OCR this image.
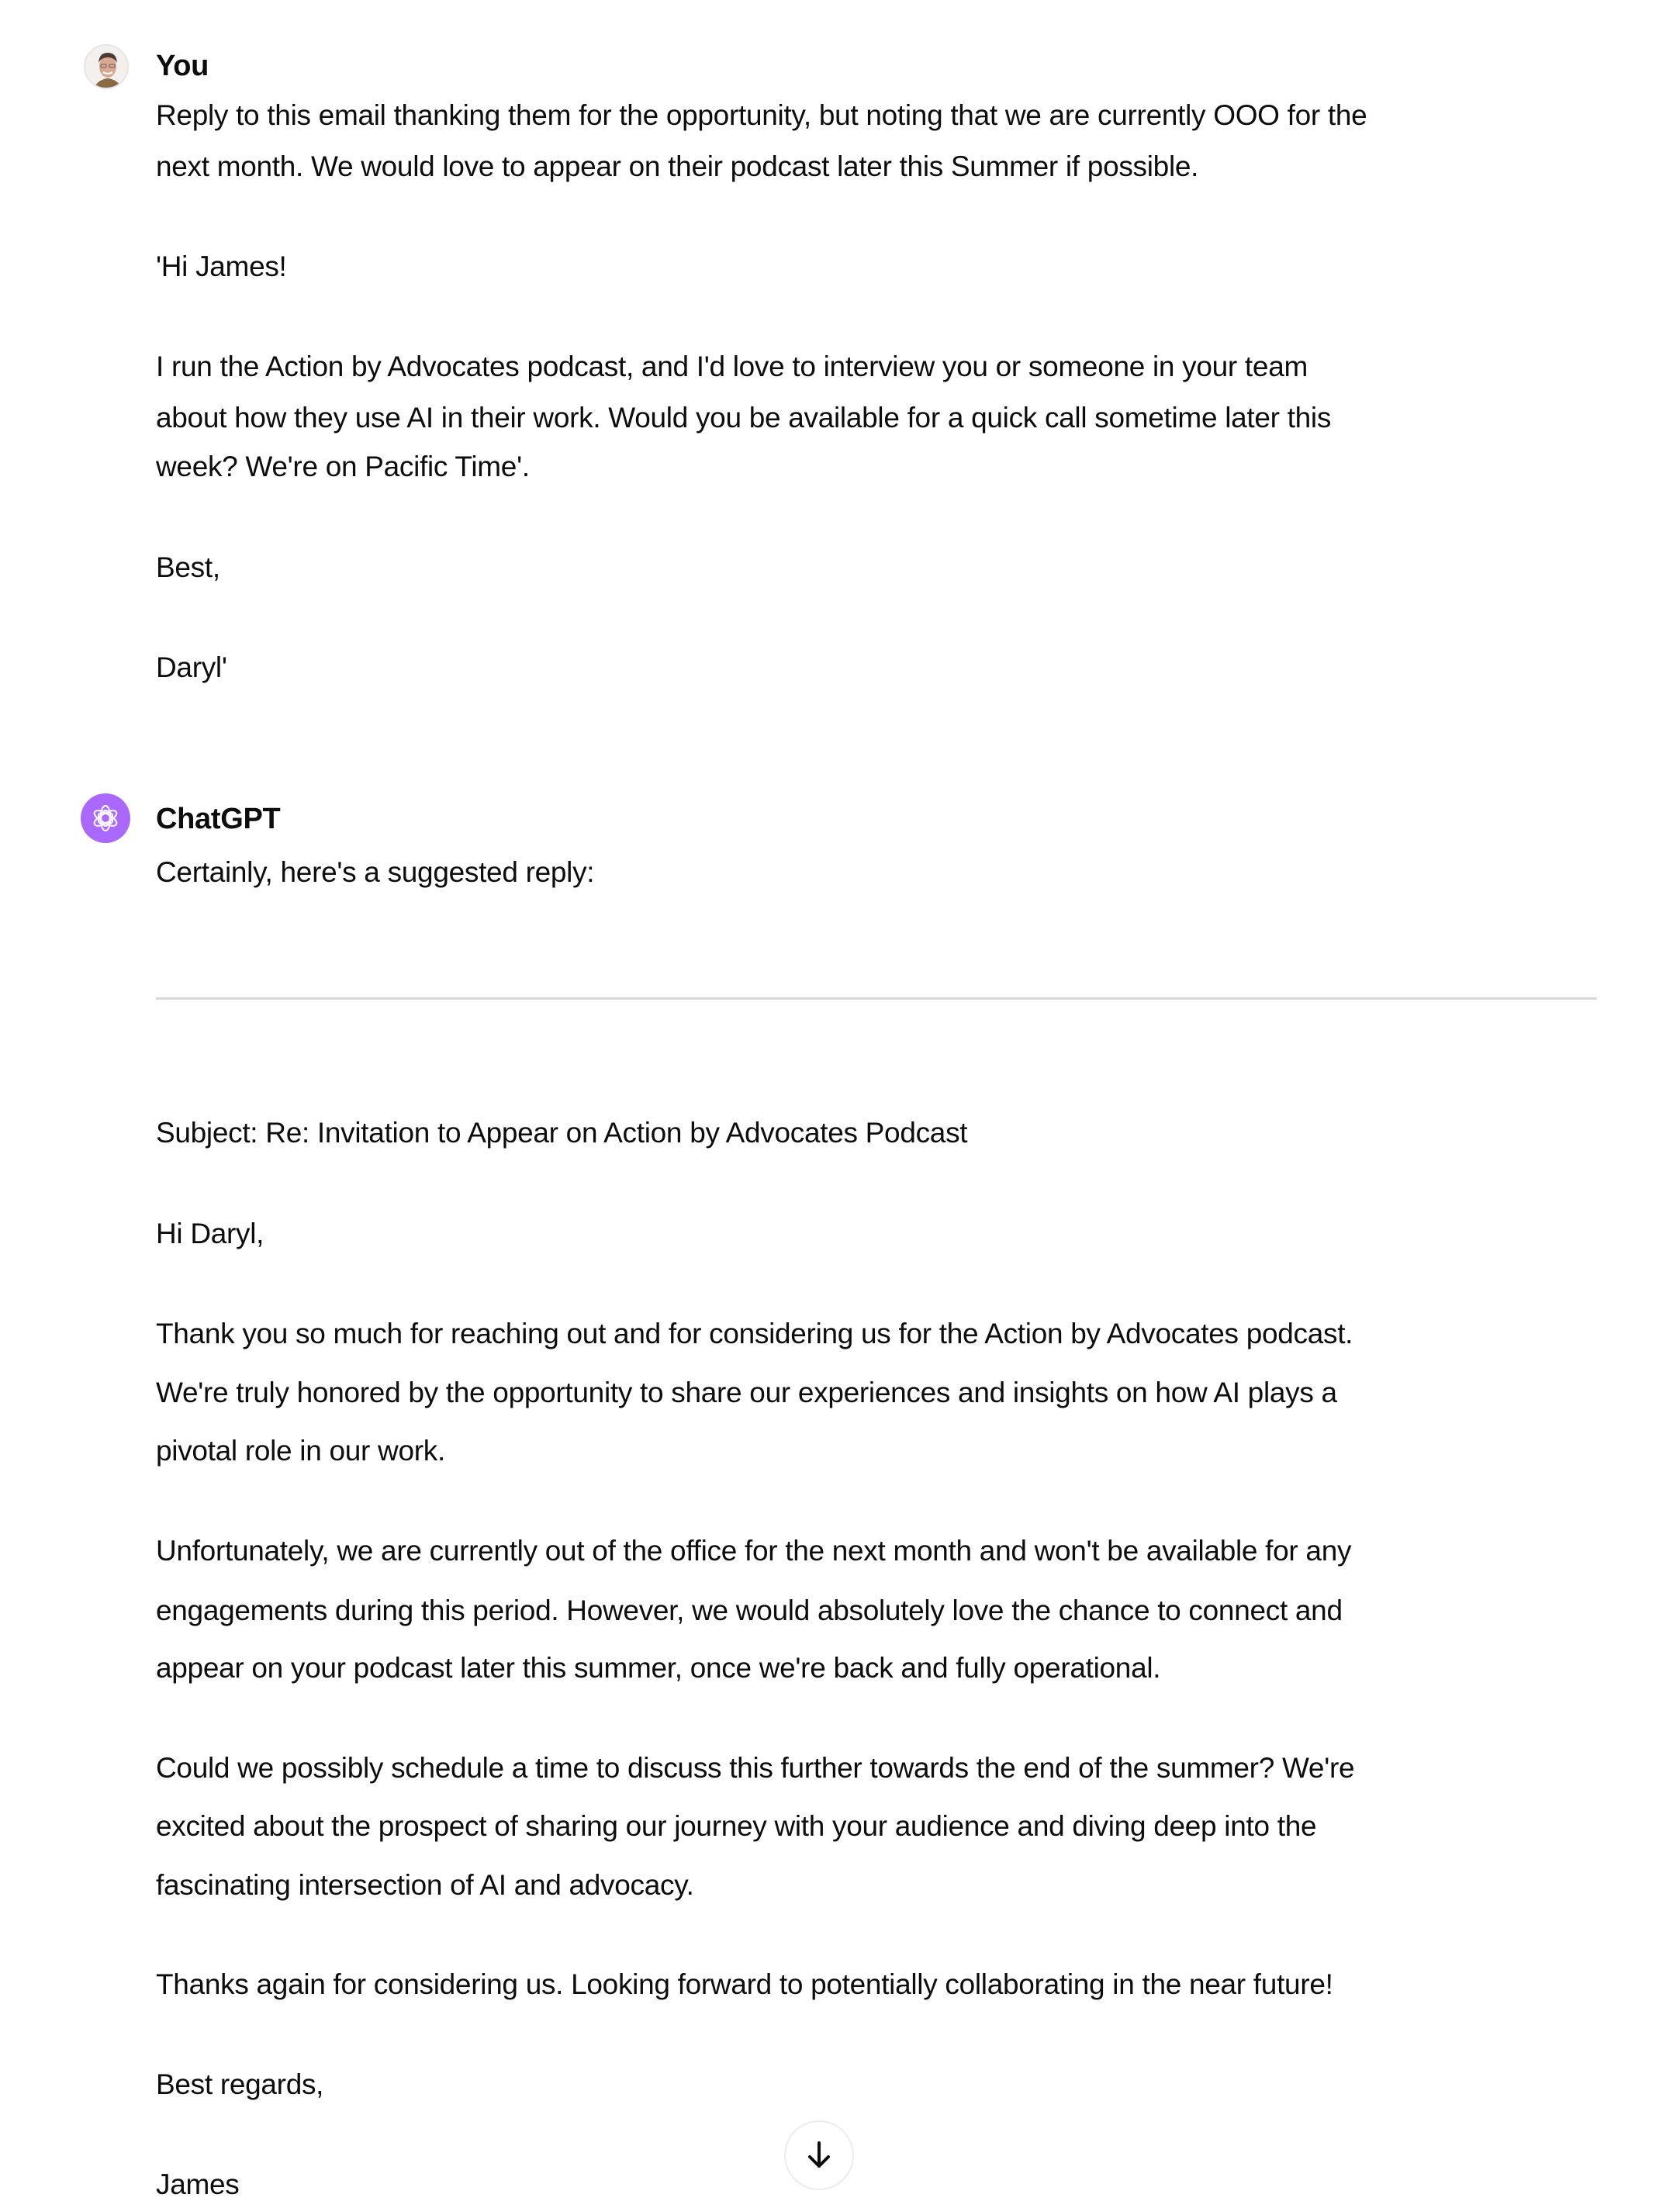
You
Reply to this email thanking them for the opportunity, but noting that we are currently OOO for the
next month. We would love to appear on their podcast later this Summer if possible.
'Hi James!
I run the Action by Advocates podcast, and I'd love to interview you or someone in your team
about how they use AI in their work. Would you be available for a quick call sometime later this
week? We're on Pacific Time'.
Best,
Daryl'
ChatGPT
Certainly, here's a suggested reply:
Subject: Re: Invitation to Appear on Action by Advocates Podcast
Hi Daryl,
Thank you so much for reaching out and for considering us for the Action by Advocates podcast.
We're truly honored by the opportunity to share our experiences and insights on how AI plays a
pivotal role in our work.
Unfortunately, we are currently out of the office for the next month and won't be available for any
engagements during this period. However, we would absolutely love the chance to connect and
appear on your podcast later this summer, once we're back and fully operational.
Could we possibly schedule a time to discuss this further towards the end of the summer? We're
excited about the prospect of sharing our journey with your audience and diving deep into the
fascinating intersection of AI and advocacy.
Thanks again for considering us. Looking forward to potentially collaborating in the near future!
Best regards,
James
